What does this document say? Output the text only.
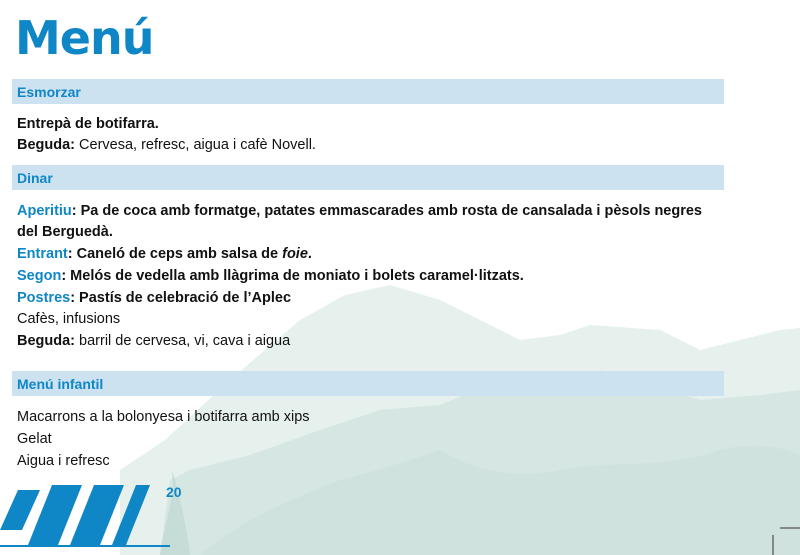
Menú
Esmorzar
Entrepà de botifarra.
Beguda: Cervesa, refresc, aigua i cafè Novell.
Dinar
Aperitiu: Pa de coca amb formatge, patates emmascarades amb rosta de cansalada i pèsols negres
del Berguedà.
Entrant: Caneló de ceps amb salsa de foie.
Segon: Melós de vedella amb llàgrima de moniato i bolets caramel·litzats.
Postres: Pastís de celebració de l’Aplec
Cafès, infusions
Beguda: barril de cervesa, vi, cava i aigua
Menú infantil
Macarrons a la bolonyesa i botifarra amb xips
Gelat
Aigua i refresc
20
